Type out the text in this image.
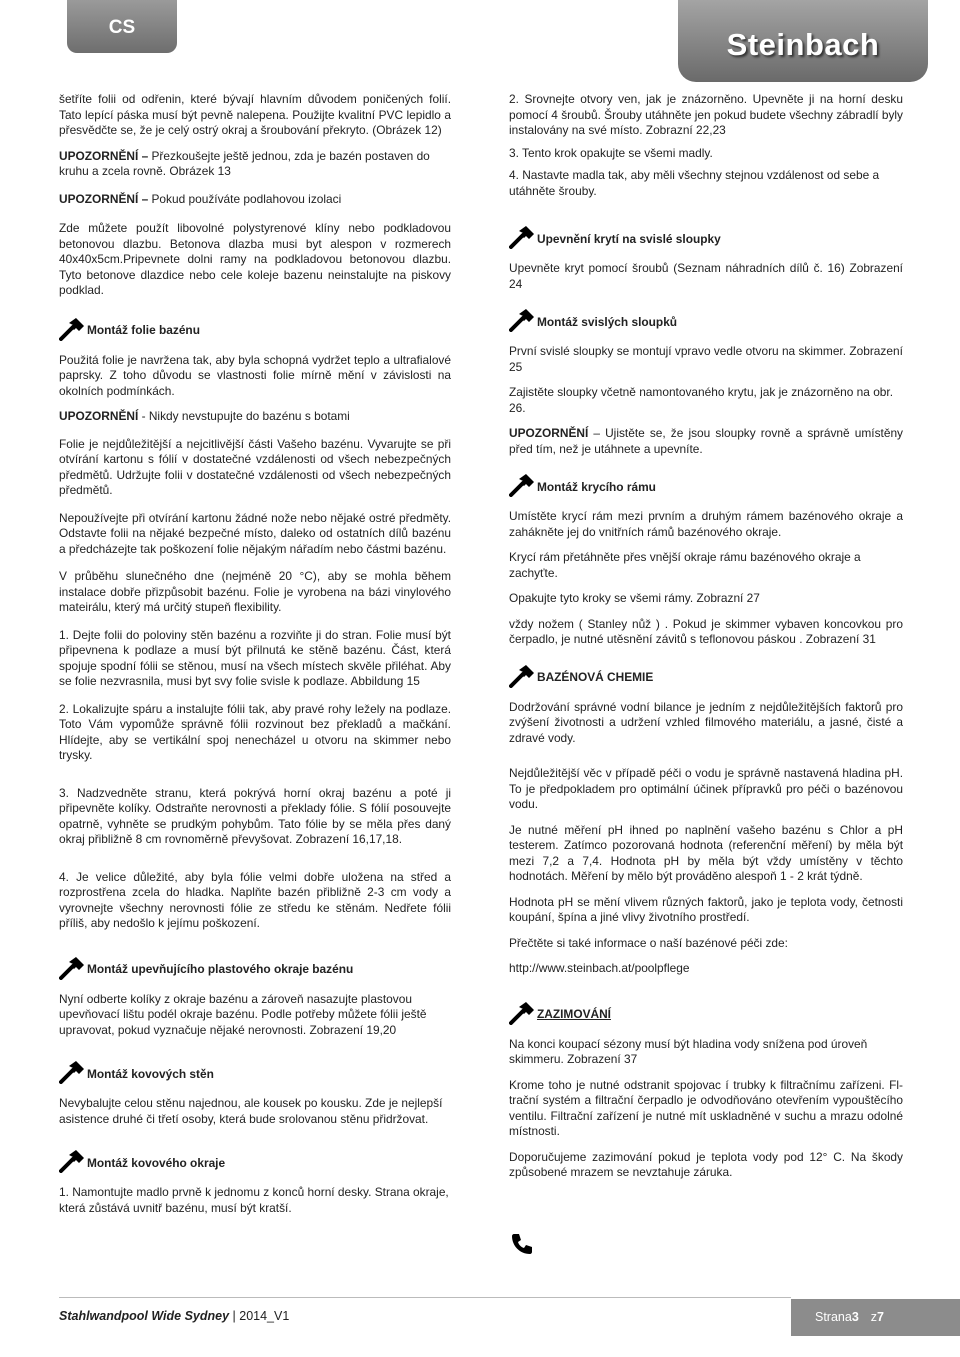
CS	Steinbach

šetříte folii od odřenin, které bývají hlavním důvodem poničených folií. Tato lepící páska musí být pevně nalepena. Použijte kvalitní PVC lepidlo a přesvědčte se, že je celý ostrý okraj a šroubování překryto. (Obrázek 12)

UPOZORNĚNÍ – Přezkoušejte ještě jednou, zda je bazén postaven do kruhu a zcela rovně. Obrázek 13

UPOZORNĚNÍ – Pokud používáte podlahovou izolaci

Zde můžete použít libovolné polystyrenové klíny nebo podkladovou betonovou dlazbu. Betonova dlazba musi byt alespon v rozmerech 40x40x5cm.Pripevnete dolni ramy na podkladovou betonovou dlazbu. Tyto betonove dlazdice nebo cele koleje bazenu neinstalujte na piskovy podklad.

Montáž folie bazénu

Použitá folie je navržena tak, aby byla schopná vydržet teplo a ultrafialové paprsky. Z toho důvodu se vlastnosti folie mírně mění v závislosti na okolních podmínkách.

UPOZORNĚNÍ - Nikdy nevstupujte do bazénu s botami

Folie je nejdůležitější a nejcitlivější části Vašeho bazénu. Vyvarujte se při otvírání kartonu s fólií v dostatečné vzdálenosti od všech nebezpečných předmětů. Udržujte folii v dostatečné vzdálenosti od všech nebezpečných předmětů.

Nepoužívejte při otvírání kartonu žádné nože nebo nějaké ostré předměty. Odstavte folii na nějaké bezpečné místo, daleko od ostatních dílů bazénu a předcházejte tak poškození folie nějakým nářadím nebo částmi bazénu.

V průběhu slunečného dne (nejméně 20 °C), aby se mohla během instalace dobře přizpůsobit bazénu. Folie je vyrobena na bázi vinylového mateirálu, který má určitý stupeň flexibility.

1. Dejte folii do poloviny stěn bazénu a rozviňte ji do stran. Folie musí být připevnena k podlaze a musí být přilnutá ke stěně bazénu. Část, která spojuje spodní fólii se stěnou, musí na všech místech skvěle přiléhat. Aby se folie nezvrasnila, musi byt svy folie svisle k podlaze. Abbildung 15

2. Lokalizujte spáru a instalujte fólii tak, aby pravé rohy ležely na podlaze. Toto Vám vypomůže správně fólii rozvinout bez překladů a mačkání. Hlídejte, aby se vertikální spoj nenecházel u otvoru na skimmer nebo trysky.

3. Nadzvedněte stranu, která pokrývá horní okraj bazénu a poté ji připevněte kolíky. Odstraňte nerovnosti a překlady fólie. S fólií posouvejte opatrně, vyhněte se prudkým pohybům. Tato fólie by se měla přes daný okraj přibližně 8 cm rovnoměrně převyšovat. Zobrazení 16,17,18.

4. Je velice důležité, aby byla fólie velmi dobře uložena na střed a rozprostřena zcela do hladka. Naplňte bazén přibližně 2-3 cm vody a vyrovnejte všechny nerovnosti fólie ze středu ke stěnám. Nedřete fólii příliš, aby nedošlo k jejímu poškození.

Montáž upevňujícího plastového okraje bazénu

Nyní odberte kolíky z okraje bazénu a zároveň nasazujte plastovou upevňovací lištu podél okraje bazénu. Podle potřeby můžete fólii ještě upravovat, pokud vyznačuje nějaké nerovnosti. Zobrazení 19,20

Montáž kovových stěn

Nevybalujte celou stěnu najednou, ale kousek po kousku. Zde je nejlepší asistence druhé či třetí osoby, která bude srolovanou stěnu přidržovat.

Montáž kovového okraje

1. Namontujte madlo prvně k jednomu z konců horní desky. Strana okraje, která zůstává uvnitř bazénu, musí být kratší.

2. Srovnejte otvory ven, jak je znázorněno. Upevněte ji na horní desku pomocí 4 šroubů. Šrouby utáhněte jen pokud budete všechny zábradlí byly instalovány na své místo. Zobrazní 22,23

3. Tento krok opakujte se všemi madly.

4. Nastavte madla tak, aby měli všechny stejnou vzdálenost od sebe a utáhněte šrouby.

Upevnění krytí na svislé sloupky

Upevněte kryt pomocí šroubů (Seznam náhradních dílů č. 16) Zobrazení 24

Montáž svislých sloupků

První svislé sloupky se montují vpravo vedle otvoru na skimmer. Zobrazení 25

Zajistěte sloupky včetně namontovaného krytu, jak je znázorněno na obr. 26.

UPOZORNĚNÍ – Ujistěte se, že jsou sloupky rovně a správně umístěny před tím, než je utáhnete a upevníte.

Montáž krycího rámu

Umístěte krycí rám mezi prvním a druhým rámem bazénového okraje a zahákněte jej do vnitřních rámů bazénového okraje.

Krycí rám přetáhněte přes vnější okraje rámu bazénového okraje a zachyťte.

Opakujte tyto kroky se všemi rámy. Zobrazní 27

vždy nožem ( Stanley nůž ) . Pokud je skimmer vybaven koncovkou pro čerpadlo, je nutné utěsnění závitů s teflonovou páskou . Zobrazení 31

BAZÉNOVÁ CHEMIE

Dodržování správné vodní bilance je jedním z nejdůležitějších faktorů pro zvýšení životnosti a udržení vzhled filmového materiálu, a jasné, čisté a zdravé vody.

Nejdůležitější věc v případě péči o vodu je správně nastavená hladina pH. To je předpokladem pro optimální účinek přípravků pro péči o bazénovou vodu.

Je nutné měření pH ihned po naplnění vašeho bazénu s Chlor a pH testerem. Zatímco pozorovaná hodnota (referenční měření) by měla být mezi 7,2 a 7,4. Hodnota pH by měla být vždy umístěny v těchto hodnotách. Měření by mělo být prováděno alespoň 1 - 2 krát týdně.

Hodnota pH se mění vlivem různých faktorů, jako je teplota vody, četnosti koupání, špína a jiné vlivy životního prostředí.

Přečtěte si také informace o naší bazénové péči zde:

http://www.steinbach.at/poolpflege

ZAZIMOVÁNÍ

Na konci koupací sézony musí být hladina vody snížena pod úroveň skimmeru. Zobrazení 37

Krome toho je nutné odstranit spojovac í trubky k filtračnímu zařízeni. Fltrační systém a filtrační čerpadlo je odvodňováno otevřením vypouštěcího ventilu. Filtrační zařízení je nutné mít uskladněné v suchu a mrazu odolné místnosti.

Doporučujeme zazimování pokud je teplota vody pod 12° C. Na škody způsobené mrazem se nevztahuje záruka.

Stahlwandpool Wide Sydney | 2014_V1	Strana3z7
